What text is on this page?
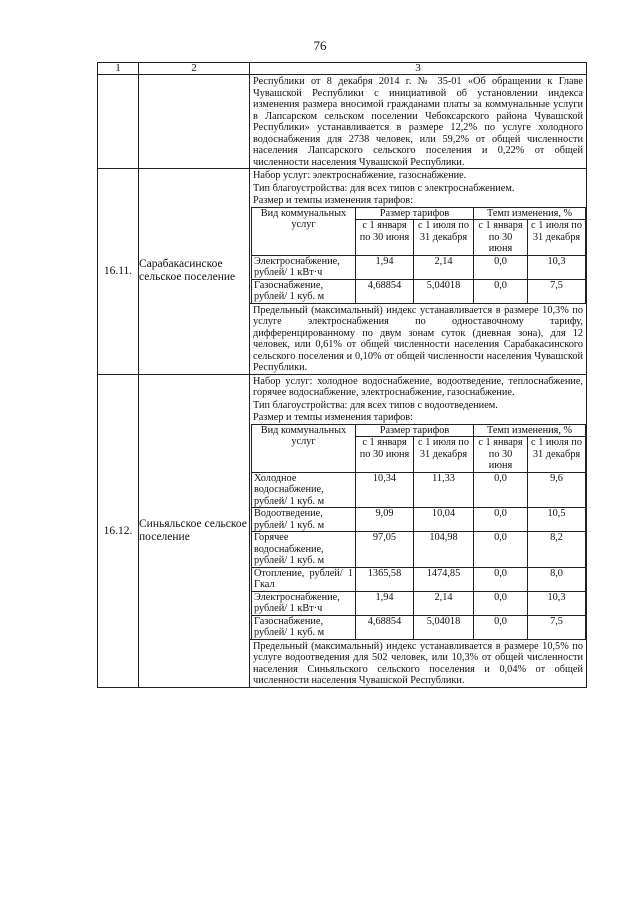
76
1	2	3

Республики от 8 декабря 2014 г. № 35-01 «Об обращении к Главе Чувашской Республики с инициативой об установлении индекса изменения размера вносимой гражданами платы за коммунальные услуги в Лапсарском сельском поселении Чебоксарского района Чувашской Республики» устанавливается в размере 12,2% по услуге холодного водоснабжения для 2738 человек, или 59,2% от общей численности населения Лапсарского сельского поселения и 0,22% от общей численности населения Чувашской Республики.

16.11.	Сарабакасинское сельское поселение	
Набор услуг: электроснабжение, газоснабжение.
Тип благоустройства: для всех типов с электроснабжением.
Размер и темпы изменения тарифов:
Вид коммунальных услуг	Размер тарифов	Темп изменения, %
с 1 января по 30 июня	с 1 июля по 31 декабря	с 1 января по 30 июня	с 1 июля по 31 декабря
Электроснабжение, рублей/ 1 кВт·ч	1,94	2,14	0,0	10,3
Газоснабжение, рублей/ 1 куб. м	4,68854	5,04018	0,0	7,5
Предельный (максимальный) индекс устанавливается в размере 10,3% по услуге электроснабжения по одноставочному тарифу, дифференцированному по двум зонам суток (дневная зона), для 12 человек, или 0,61% от общей численности населения Сарабакасинского сельского поселения и 0,10% от общей численности населения Чувашской Республики.

16.12.	Синьяльское сельское поселение	
Набор услуг: холодное водоснабжение, водоотведение, теплоснабжение, горячее водоснабжение, электроснабжение, газоснабжение.
Тип благоустройства: для всех типов с водоотведением.
Размер и темпы изменения тарифов:
Вид коммунальных услуг	Размер тарифов	Темп изменения, %
с 1 января по 30 июня	с 1 июля по 31 декабря	с 1 января по 30 июня	с 1 июля по 31 декабря
Холодное водоснабжение, рублей/ 1 куб. м	10,34	11,33	0,0	9,6
Водоотведение, рублей/ 1 куб. м	9,09	10,04	0,0	10,5
Горячее водоснабжение, рублей/ 1 куб. м	97,05	104,98	0,0	8,2
Отопление, рублей/ 1 Гкал	1365,58	1474,85	0,0	8,0
Электроснабжение, рублей/ 1 кВт·ч	1,94	2,14	0,0	10,3
Газоснабжение, рублей/ 1 куб. м	4,68854	5,04018	0,0	7,5
Предельный (максимальный) индекс устанавливается в размере 10,5% по услуге водоотведения для 502 человек, или 10,3% от общей численности населения Синьяльского сельского поселения и 0,04% от общей численности населения Чувашской Республики.
